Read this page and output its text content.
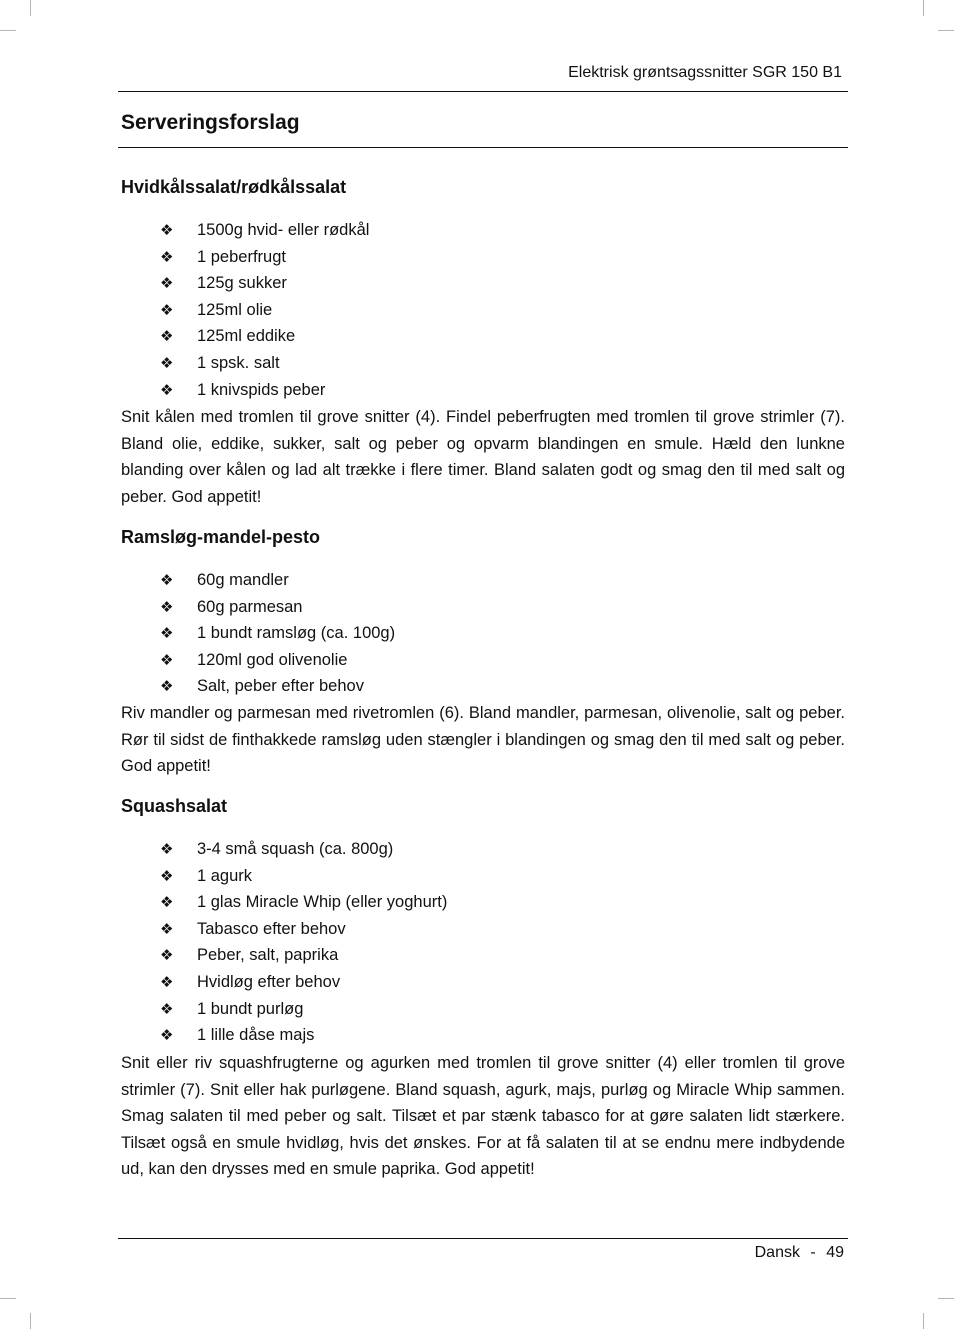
Elektrisk grøntsagssnitter SGR 150 B1
Serveringsforslag
Hvidkålssalat/rødkålssalat
❖ 1500g hvid- eller rødkål
❖ 1 peberfrugt
❖ 125g sukker
❖ 125ml olie
❖ 125ml eddike
❖ 1 spsk. salt
❖ 1 knivspids peber

Snit kålen med tromlen til grove snitter (4). Findel peberfrugten med tromlen til grove strimler (7). Bland olie, eddike, sukker, salt og peber og opvarm blandingen en smule. Hæld den lunkne blanding over kålen og lad alt trække i flere timer. Bland salaten godt og smag den til med salt og peber. God appetit!

Ramsløg-mandel-pesto
❖ 60g mandler
❖ 60g parmesan
❖ 1 bundt ramsløg (ca. 100g)
❖ 120ml god olivenolie
❖ Salt, peber efter behov

Riv mandler og parmesan med rivetromlen (6). Bland mandler, parmesan, olivenolie, salt og peber. Rør til sidst de finthakkede ramsløg uden stængler i blandingen og smag den til med salt og peber. God appetit!

Squashsalat
❖ 3-4 små squash (ca. 800g)
❖ 1 agurk
❖ 1 glas Miracle Whip (eller yoghurt)
❖ Tabasco efter behov
❖ Peber, salt, paprika
❖ Hvidløg efter behov
❖ 1 bundt purløg
❖ 1 lille dåse majs

Snit eller riv squashfrugterne og agurken med tromlen til grove snitter (4) eller tromlen til grove strimler (7). Snit eller hak purløgene. Bland squash, agurk, majs, purløg og Miracle Whip sammen. Smag salaten til med peber og salt. Tilsæt et par stænk tabasco for at gøre salaten lidt stærkere. Tilsæt også en smule hvidløg, hvis det ønskes. For at få salaten til at se endnu mere indbydende ud, kan den drysses med en smule paprika. God appetit!

Dansk - 49
